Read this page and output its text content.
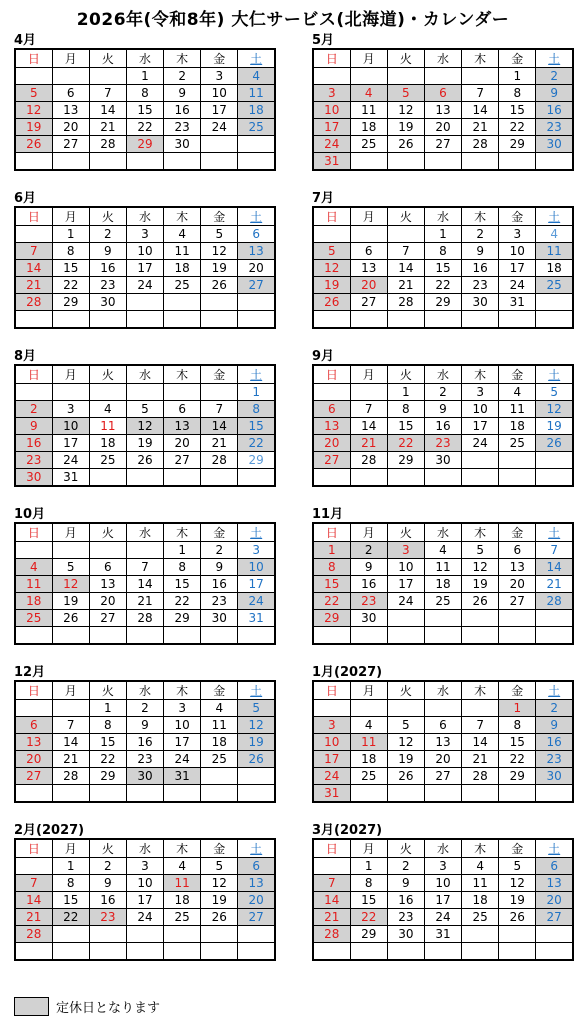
2026年(令和8年) 大仁サービス(北海道)・カレンダー
4月
日	月	火	水	木	金	土
			1	2	3	4
5	6	7	8	9	10	11
12	13	14	15	16	17	18
19	20	21	22	23	24	25
26	27	28	29	30		

5月
日	月	火	水	木	金	土
					1	2
3	4	5	6	7	8	9
10	11	12	13	14	15	16
17	18	19	20	21	22	23
24	25	26	27	28	29	30
31						
6月
日	月	火	水	木	金	土
	1	2	3	4	5	6
7	8	9	10	11	12	13
14	15	16	17	18	19	20
21	22	23	24	25	26	27
28	29	30				

7月
日	月	火	水	木	金	土
			1	2	3	4
5	6	7	8	9	10	11
12	13	14	15	16	17	18
19	20	21	22	23	24	25
26	27	28	29	30	31	

8月
日	月	火	水	木	金	土
						1
2	3	4	5	6	7	8
9	10	11	12	13	14	15
16	17	18	19	20	21	22
23	24	25	26	27	28	29
30	31					
9月
日	月	火	水	木	金	土
		1	2	3	4	5
6	7	8	9	10	11	12
13	14	15	16	17	18	19
20	21	22	23	24	25	26
27	28	29	30			

10月
日	月	火	水	木	金	土
				1	2	3
4	5	6	7	8	9	10
11	12	13	14	15	16	17
18	19	20	21	22	23	24
25	26	27	28	29	30	31

11月
日	月	火	水	木	金	土
1	2	3	4	5	6	7
8	9	10	11	12	13	14
15	16	17	18	19	20	21
22	23	24	25	26	27	28
29	30					

12月
日	月	火	水	木	金	土
		1	2	3	4	5
6	7	8	9	10	11	12
13	14	15	16	17	18	19
20	21	22	23	24	25	26
27	28	29	30	31		

1月(2027)
日	月	火	水	木	金	土
					1	2
3	4	5	6	7	8	9
10	11	12	13	14	15	16
17	18	19	20	21	22	23
24	25	26	27	28	29	30
31						
2月(2027)
日	月	火	水	木	金	土
	1	2	3	4	5	6
7	8	9	10	11	12	13
14	15	16	17	18	19	20
21	22	23	24	25	26	27
28						

3月(2027)
日	月	火	水	木	金	土
	1	2	3	4	5	6
7	8	9	10	11	12	13
14	15	16	17	18	19	20
21	22	23	24	25	26	27
28	29	30	31			

定休日となります
